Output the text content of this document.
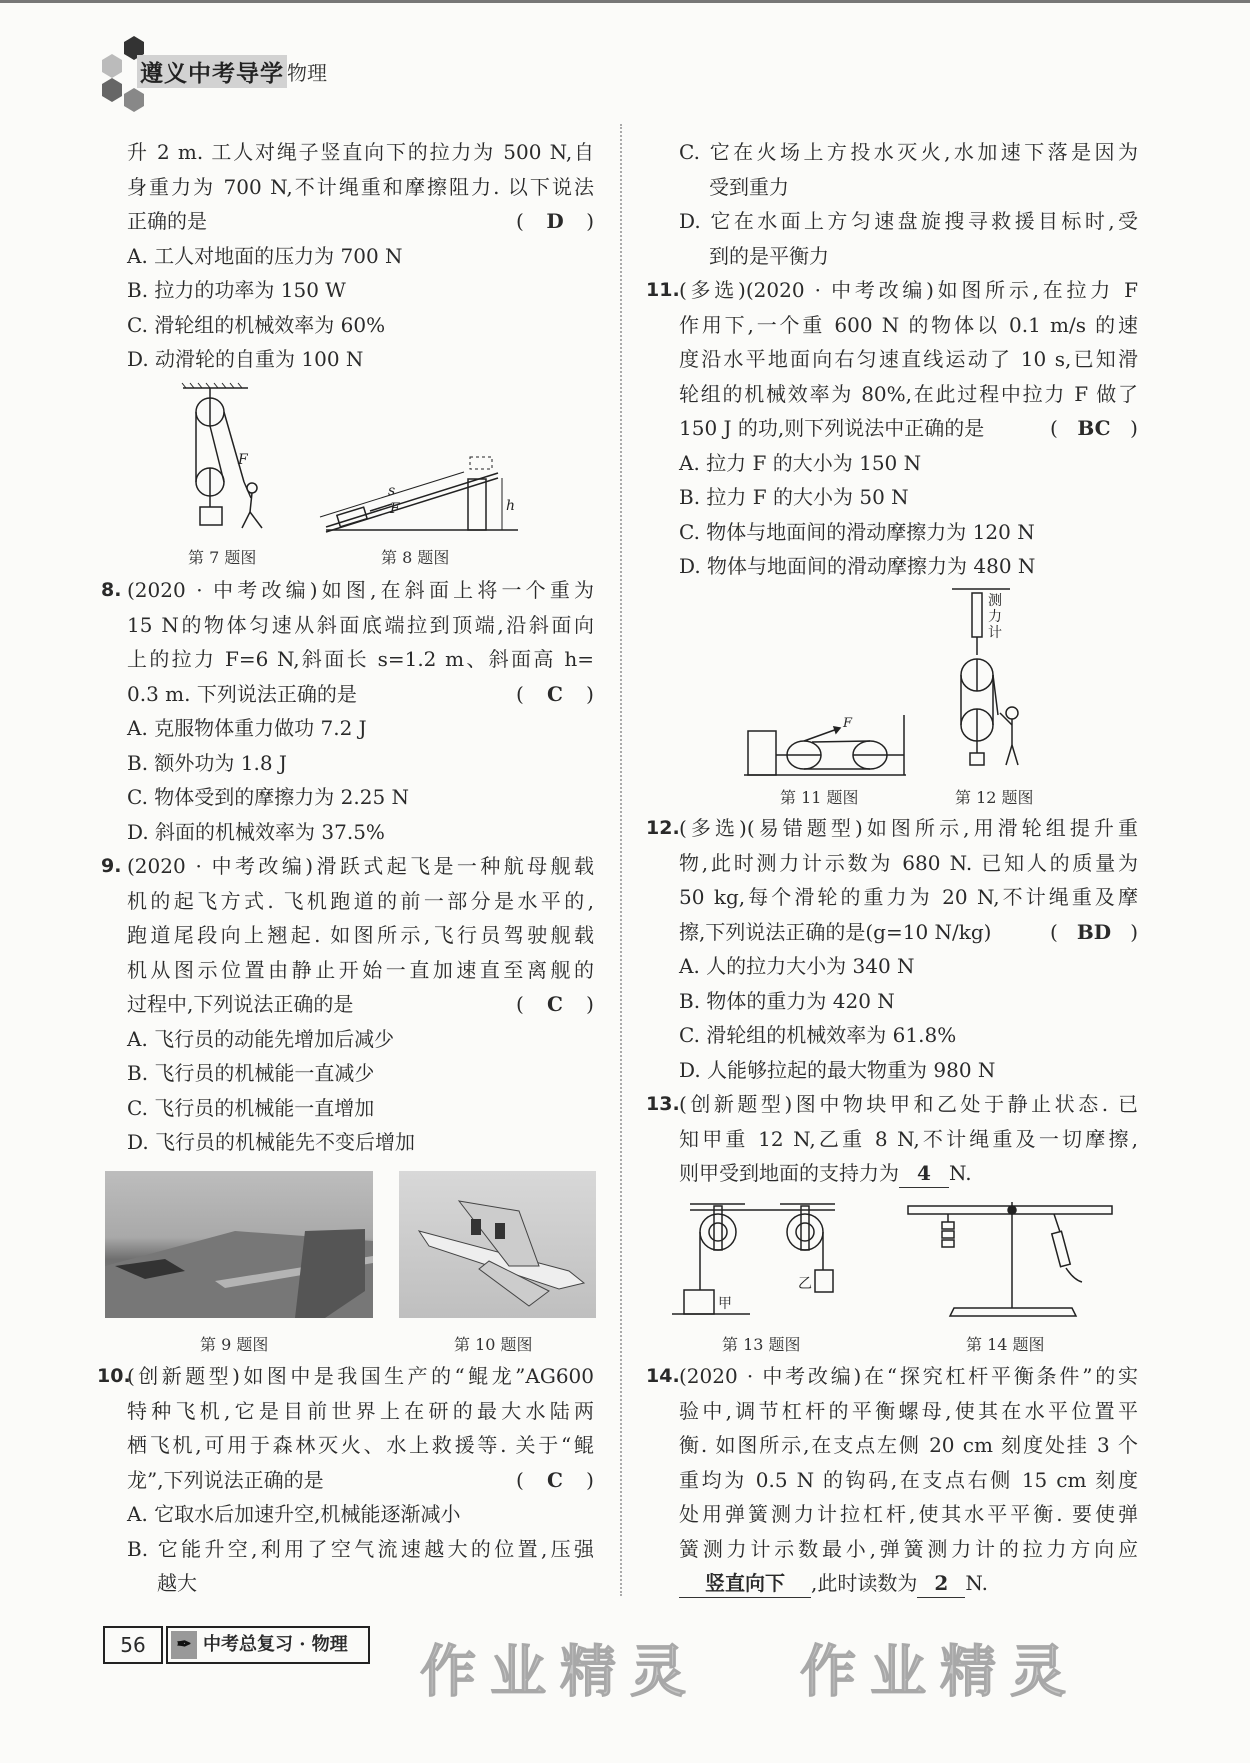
遵义中考导学 物理
升 2 m. 工人对绳子竖直向下的拉力为 500 N,自
身重力为 700 N,不计绳重和摩擦阻力. 以下说法
正确的是	( D )
A. 工人对地面的压力为 700 N
B. 拉力的功率为 150 W
C. 滑轮组的机械效率为 60%
D. 动滑轮的自重为 100 N
F
第 7 题图
s
F	h
第 8 题图
8. (2020 · 中考改编)如图,在斜面上将一个重为
15 N的物体匀速从斜面底端拉到顶端,沿斜面向
上的拉力 F=6 N,斜面长 s=1.2 m、斜面高 h=
0.3 m. 下列说法正确的是	( C )
A. 克服物体重力做功 7.2 J
B. 额外功为 1.8 J
C. 物体受到的摩擦力为 2.25 N
D. 斜面的机械效率为 37.5%
9. (2020 · 中考改编)滑跃式起飞是一种航母舰载
机的起飞方式. 飞机跑道的前一部分是水平的,
跑道尾段向上翘起. 如图所示,飞行员驾驶舰载
机从图示位置由静止开始一直加速直至离舰的
过程中,下列说法正确的是	( C )
A. 飞行员的动能先增加后减少
B. 飞行员的机械能一直减少
C. 飞行员的机械能一直增加
D. 飞行员的机械能先不变后增加
第 9 题图	第 10 题图
10.
(创新题型)如图中是我国生产的“鲲龙”AG600
特种飞机,它是目前世界上在研的最大水陆两
栖飞机,可用于森林灭火、水上救援等. 关于“鲲
龙”,下列说法正确的是	( C )
A. 它取水后加速升空,机械能逐渐减小
B. 它能升空,利用了空气流速越大的位置,压强
越大
C. 它在火场上方投水灭火,水加速下落是因为
受到重力
D. 它在水面上方匀速盘旋搜寻救援目标时,受
到的是平衡力
11. (多选)(2020 · 中考改编)如图所示,在拉力 F
作用下,一个重 600 N 的物体以 0.1 m/s 的速
度沿水平地面向右匀速直线运动了 10 s,已知滑
轮组的机械效率为 80%,在此过程中拉力 F 做了
150 J 的功,则下列说法中正确的是	( BC )
A. 拉力 F 的大小为 150 N
B. 拉力 F 的大小为 50 N
C. 物体与地面间的滑动摩擦力为 120 N
D. 物体与地面间的滑动摩擦力为 480 N
F
第 11 题图
测
力
计
第 12 题图
12. (多选)(易错题型)如图所示,用滑轮组提升重
物,此时测力计示数为 680 N. 已知人的质量为
50 kg,每个滑轮的重力为 20 N,不计绳重及摩
擦,下列说法正确的是(g=10 N/kg)	( BD )
A. 人的拉力大小为 340 N
B. 物体的重力为 420 N
C. 滑轮组的机械效率为 61.8%
D. 人能够拉起的最大物重为 980 N
13. (创新题型)图中物块甲和乙处于静止状态. 已
知甲重 12 N,乙重 8 N,不计绳重及一切摩擦,
则甲受到地面的支持力为 4 N.
甲
乙
第 13 题图	第 14 题图
14. (2020 · 中考改编)在“探究杠杆平衡条件”的实
验中,调节杠杆的平衡螺母,使其在水平位置平
衡. 如图所示,在支点左侧 20 cm 刻度处挂 3 个
重均为 0.5 N 的钩码,在支点右侧 15 cm 刻度
处用弹簧测力计拉杠杆,使其水平平衡. 要使弹
簧测力计示数最小,弹簧测力计的拉力方向应
竖直向下 ,此时读数为 2 N.
作业精灵 作业精灵
56	✒ 中考总复习 · 物理
